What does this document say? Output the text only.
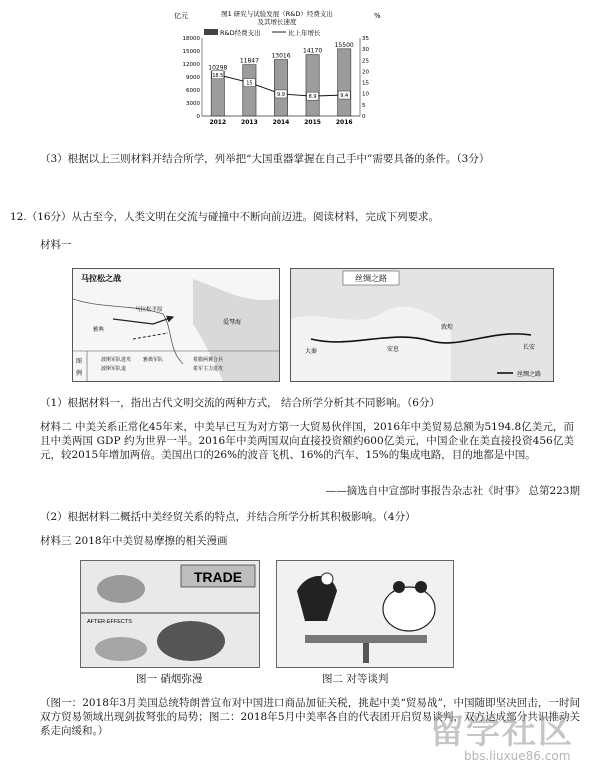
图1 研究与试验发展（R&D）经费支出
及其增长速度
亿元	%
R&D经费支出	比上年增长
0
3000
6000
9000
12000
15000
18000
0
5
10
15
20
25
30
35
10298
2012
11847
2013
13016
2014
14170
2015
15500
2016
18.5
15
9.9	8.9	9.4
（3）根据以上三则材料并结合所学，列举把“大国重器掌握在自己手中”需要具备的条件。（3分）
12.（16分）从古至今，人类文明在交流与碰撞中不断向前迈进。阅读材料，完成下列要求。
材料一
马拉松之战
爱琴海
马拉松平原
雅典
图
例
波斯军队进攻
波斯军队退
雅典军队	希腊两翼合兵
希军主力进攻
丝绸之路
长安
敦煌
安息
大秦
丝绸之路
（1）根据材料一，指出古代文明交流的两种方式， 结合所学分析其不同影响。（6分）
材料二 中美关系正常化45年来，中美早已互为对方第一大贸易伙伴国，2016年中美贸易总额为5194.8亿美元，而且中美两国 GDP 约为世界一半。2016年中美两国双向直接投资额约600亿美元，中国企业在美直接投资456亿美元，较2015年增加两倍。美国出口的26%的波音飞机、16%的汽车、15%的集成电路，目的地都是中国。
——摘选自中宣部时事报告杂志社《时事》 总第223期
（2）根据材料二概括中美经贸关系的特点，并结合所学分析其积极影响。（4分）
材料三 2018年中美贸易摩擦的相关漫画
TRADE
AFTER-EFFECTS
图一 硝烟弥漫	图二 对等谈判
（图一：2018年3月美国总统特朗普宣布对中国进口商品加征关税，挑起中美“贸易战”，中国随即坚决回击，一时间双方贸易领域出现剑拔弩张的局势；图二：2018年5月中美率各自的代表团开启贸易谈判，双方达成部分共识推动关系走向缓和。）	留学社区
bbs.liuxue86.com
